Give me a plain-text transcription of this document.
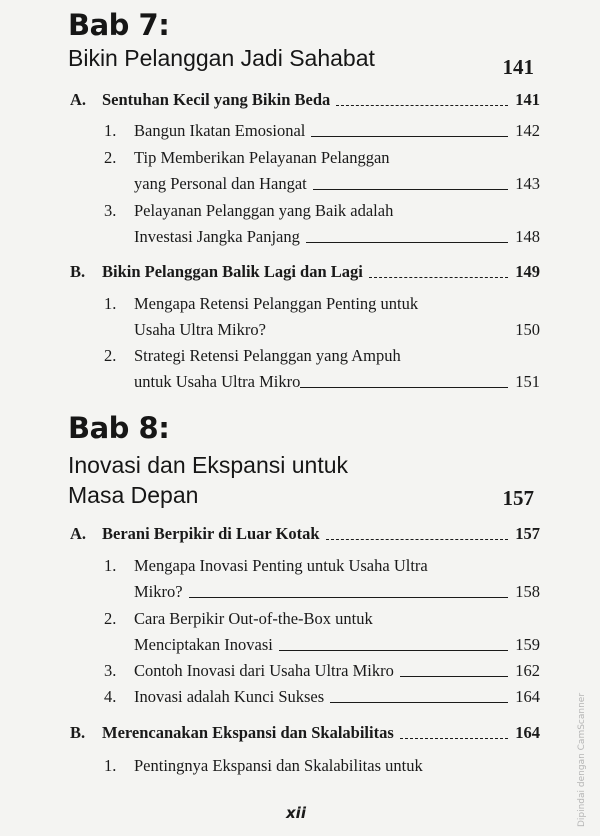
Bab 7:
Bikin Pelanggan Jadi Sahabat	141
A. Sentuhan Kecil yang Bikin Beda	141
1.	Bangun Ikatan Emosional	142
2.	Tip Memberikan Pelayanan Pelanggan
yang Personal dan Hangat	143
3.	Pelayanan Pelanggan yang Baik adalah
Investasi Jangka Panjang	148
B.	Bikin Pelanggan Balik Lagi dan Lagi	149
1.	Mengapa Retensi Pelanggan Penting untuk
Usaha Ultra Mikro?	150
2.	Strategi Retensi Pelanggan yang Ampuh
untuk Usaha Ultra Mikro	151
Bab 8:
Inovasi dan Ekspansi untuk
Masa Depan	157
A. Berani Berpikir di Luar Kotak	157
1.	Mengapa Inovasi Penting untuk Usaha Ultra
Mikro?	158
2.	Cara Berpikir Out-of-the-Box untuk
Menciptakan Inovasi	159
3.	Contoh Inovasi dari Usaha Ultra Mikro	162
4.	Inovasi adalah Kunci Sukses	164
B.	Merencanakan Ekspansi dan Skalabilitas	164
1.	Pentingnya Ekspansi dan Skalabilitas untuk
xii	Dipindai dengan CamScanner
